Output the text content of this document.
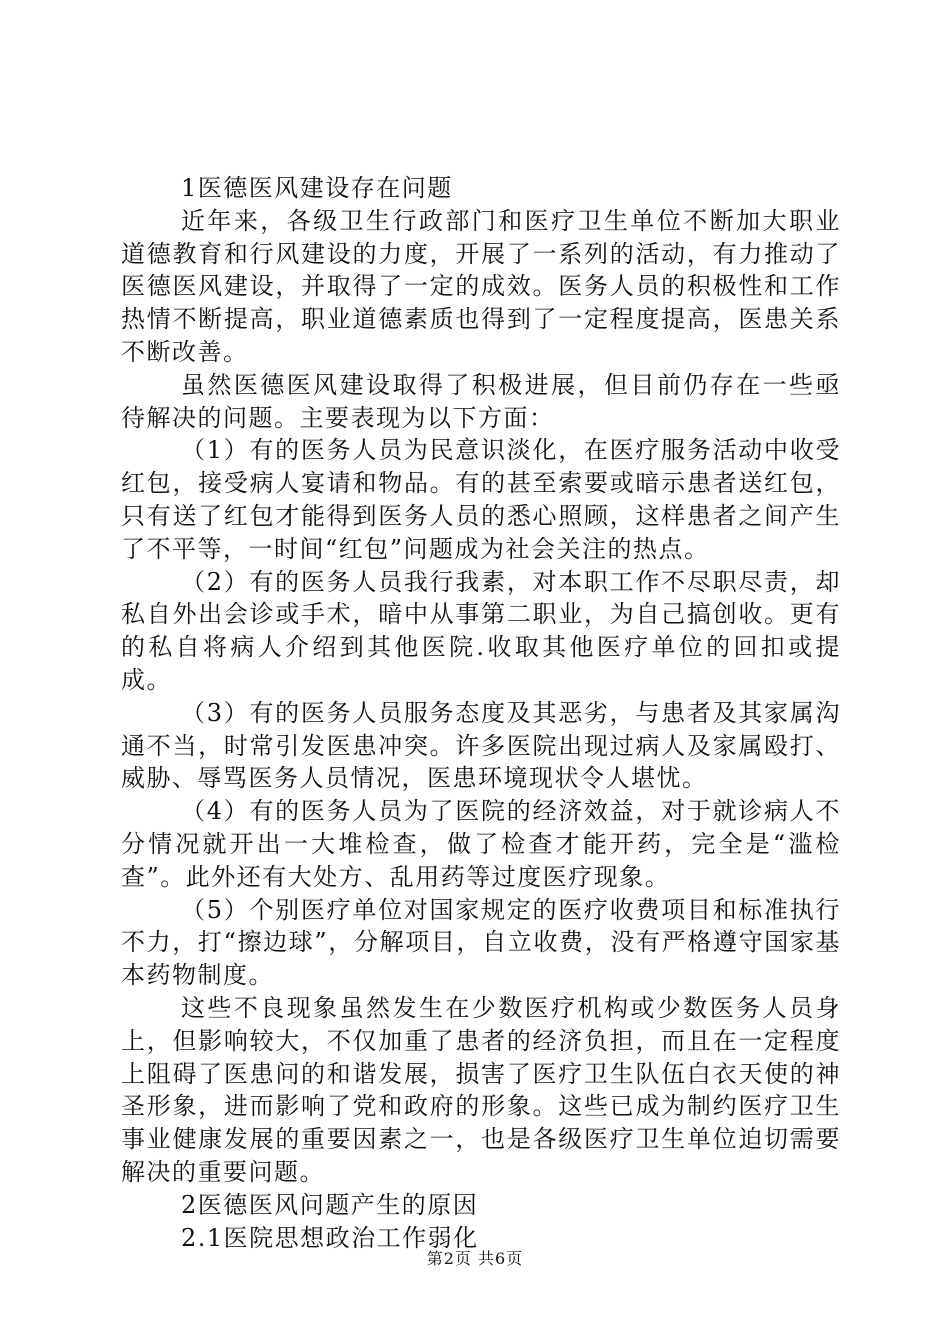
1医德医风建设存在问题

近年来，各级卫生行政部门和医疗卫生单位不断加大职业道德教育和行风建设的力度，开展了一系列的活动，有力推动了医德医风建设，并取得了一定的成效。医务人员的积极性和工作热情不断提高，职业道德素质也得到了一定程度提高，医患关系不断改善。

虽然医德医风建设取得了积极进展，但目前仍存在一些亟待解决的问题。主要表现为以下方面：

（1）有的医务人员为民意识淡化，在医疗服务活动中收受红包，接受病人宴请和物品。有的甚至索要或暗示患者送红包，只有送了红包才能得到医务人员的悉心照顾，这样患者之间产生了不平等，一时间“红包”问题成为社会关注的热点。

（2）有的医务人员我行我素，对本职工作不尽职尽责，却私自外出会诊或手术，暗中从事第二职业，为自己搞创收。更有的私自将病人介绍到其他医院.收取其他医疗单位的回扣或提成。

（3）有的医务人员服务态度及其恶劣，与患者及其家属沟通不当，时常引发医患冲突。许多医院出现过病人及家属殴打、威胁、辱骂医务人员情况，医患环境现状令人堪忧。

（4）有的医务人员为了医院的经济效益，对于就诊病人不分情况就开出一大堆检查，做了检查才能开药，完全是“滥检查”。此外还有大处方、乱用药等过度医疗现象。

（5）个别医疗单位对国家规定的医疗收费项目和标准执行不力，打“擦边球”，分解项目，自立收费，没有严格遵守国家基本药物制度。

这些不良现象虽然发生在少数医疗机构或少数医务人员身上，但影响较大，不仅加重了患者的经济负担，而且在一定程度上阻碍了医患问的和谐发展，损害了医疗卫生队伍白衣天使的神圣形象，进而影响了党和政府的形象。这些已成为制约医疗卫生事业健康发展的重要因素之一，也是各级医疗卫生单位迫切需要解决的重要问题。

2医德医风问题产生的原因

2.1医院思想政治工作弱化

第2页 共6页
